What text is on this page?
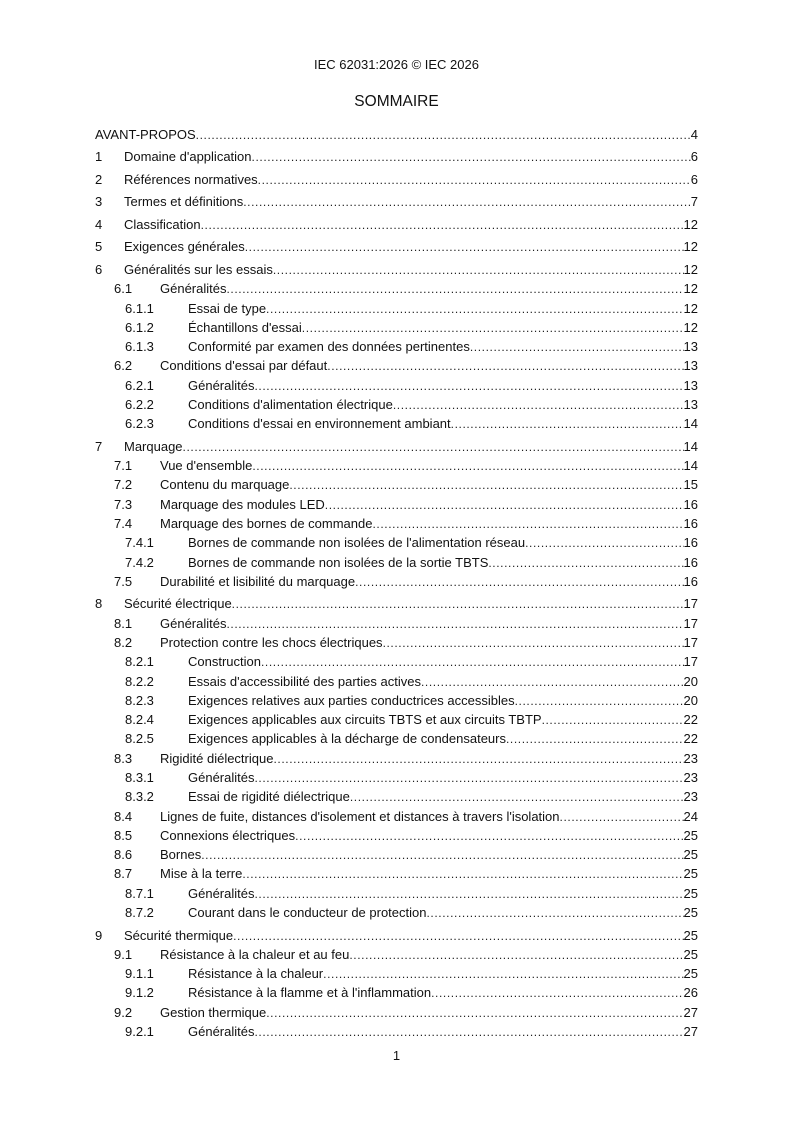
IEC 62031:2026 © IEC 2026
SOMMAIRE
AVANT-PROPOS .....	4
1	Domaine d'application .....	6
2	Références normatives .....	6
3	Termes et définitions .....	7
4	Classification .....	12
5	Exigences générales .....	12
6	Généralités sur les essais .....	12
6.1	Généralités .....	12
6.1.1	Essai de type .....	12
6.1.2	Échantillons d'essai .....	12
6.1.3	Conformité par examen des données pertinentes .....	13
6.2	Conditions d'essai par défaut .....	13
6.2.1	Généralités .....	13
6.2.2	Conditions d'alimentation électrique .....	13
6.2.3	Conditions d'essai en environnement ambiant .....	14
7	Marquage .....	14
7.1	Vue d'ensemble .....	14
7.2	Contenu du marquage .....	15
7.3	Marquage des modules LED .....	16
7.4	Marquage des bornes de commande .....	16
7.4.1	Bornes de commande non isolées de l'alimentation réseau .....	16
7.4.2	Bornes de commande non isolées de la sortie TBTS .....	16
7.5	Durabilité et lisibilité du marquage .....	16
8	Sécurité électrique .....	17
8.1	Généralités .....	17
8.2	Protection contre les chocs électriques .....	17
8.2.1	Construction .....	17
8.2.2	Essais d'accessibilité des parties actives .....	20
8.2.3	Exigences relatives aux parties conductrices accessibles .....	20
8.2.4	Exigences applicables aux circuits TBTS et aux circuits TBTP .....	22
8.2.5	Exigences applicables à la décharge de condensateurs .....	22
8.3	Rigidité diélectrique .....	23
8.3.1	Généralités .....	23
8.3.2	Essai de rigidité diélectrique .....	23
8.4	Lignes de fuite, distances d'isolement et distances à travers l'isolation .....	24
8.5	Connexions électriques .....	25
8.6	Bornes .....	25
8.7	Mise à la terre .....	25
8.7.1	Généralités .....	25
8.7.2	Courant dans le conducteur de protection .....	25
9	Sécurité thermique .....	25
9.1	Résistance à la chaleur et au feu .....	25
9.1.1	Résistance à la chaleur .....	25
9.1.2	Résistance à la flamme et à l'inflammation .....	26
9.2	Gestion thermique .....	27
9.2.1	Généralités .....	27
1
